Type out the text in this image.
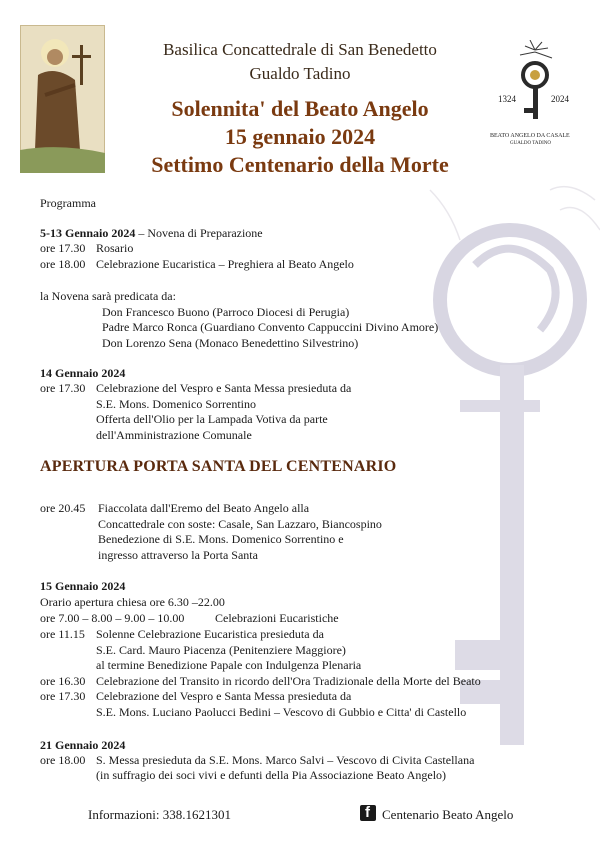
1324	2024
BEATO ANGELO DA CASALE
GUALDO TADINO
Basilica Concattedrale di San Benedetto
Gualdo Tadino
Solennita' del Beato Angelo
15 gennaio 2024
Settimo Centenario della Morte
Programma
5-13 Gennaio 2024 – Novena di Preparazione
ore 17.30 Rosario
ore 18.00 Celebrazione Eucaristica – Preghiera al Beato Angelo
la Novena sarà predicata da:
Don Francesco Buono (Parroco Diocesi di Perugia)
Padre Marco Ronca (Guardiano Convento Cappuccini Divino Amore)
Don Lorenzo Sena (Monaco Benedettino Silvestrino)
14 Gennaio 2024
ore 17.30 Celebrazione del Vespro e Santa Messa presieduta da
S.E. Mons. Domenico Sorrentino
Offerta dell'Olio per la Lampada Votiva da parte
dell'Amministrazione Comunale
APERTURA PORTA SANTA DEL CENTENARIO
ore 20.45 Fiaccolata dall'Eremo del Beato Angelo alla
Concattedrale con soste: Casale, San Lazzaro, Biancospino
Benedezione di S.E. Mons. Domenico Sorrentino e
ingresso attraverso la Porta Santa
15 Gennaio 2024
Orario apertura chiesa ore 6.30 –22.00
ore 7.00 – 8.00 – 9.00 – 10.00	Celebrazioni Eucaristiche
ore 11.15 Solenne Celebrazione Eucaristica presieduta da
S.E. Card. Mauro Piacenza (Penitenziere Maggiore)
al termine Benedizione Papale con Indulgenza Plenaria
ore 16.30 Celebrazione del Transito in ricordo dell'Ora Tradizionale della Morte del Beato
ore 17.30 Celebrazione del Vespro e Santa Messa presieduta da
S.E. Mons. Luciano Paolucci Bedini – Vescovo di Gubbio e Citta' di Castello
21 Gennaio 2024
ore 18.00 S. Messa presieduta da S.E. Mons. Marco Salvi – Vescovo di Civita Castellana
(in suffragio dei soci vivi e defunti della Pia Associazione Beato Angelo)
Informazioni: 338.1621301	f Centenario Beato Angelo
